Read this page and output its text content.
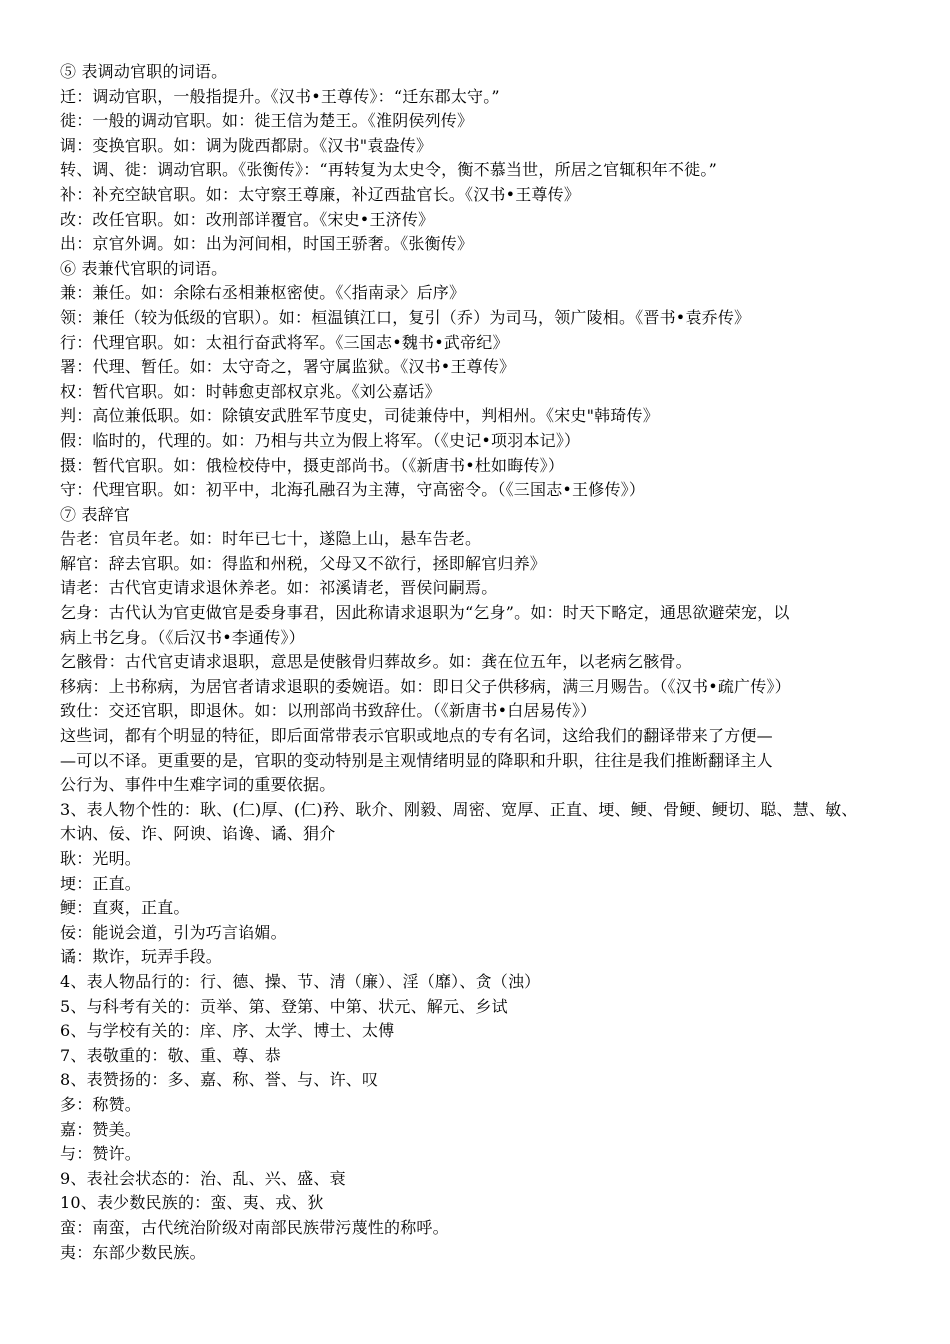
⑤ 表调动官职的词语。
迁：调动官职，一般指提升。《汉书•王尊传》：“迁东郡太守。”
徙：一般的调动官职。如：徙王信为楚王。《淮阴侯列传》
调：变换官职。如：调为陇西都尉。《汉书"袁盎传》
转、调、徙：调动官职。《张衡传》：“再转复为太史令，衡不慕当世，所居之官辄积年不徙。”
补：补充空缺官职。如：太守察王尊廉，补辽西盐官长。《汉书•王尊传》
改：改任官职。如：改刑部详覆官。《宋史•王济传》
出：京官外调。如：出为河间相，时国王骄奢。《张衡传》
⑥ 表兼代官职的词语。
兼：兼任。如：余除右丞相兼枢密使。《〈指南录〉后序》
领：兼任（较为低级的官职）。如：桓温镇江口，复引（乔）为司马，领广陵相。《晋书•袁乔传》
行：代理官职。如：太祖行奋武将军。《三国志•魏书•武帝纪》
署：代理、暂任。如：太守奇之，署守属监狱。《汉书•王尊传》
权：暂代官职。如：时韩愈吏部权京兆。《刘公嘉话》
判：高位兼低职。如：除镇安武胜军节度史，司徒兼侍中，判相州。《宋史"韩琦传》
假：临时的，代理的。如：乃相与共立为假上将军。（《史记•项羽本记》）
摄：暂代官职。如：俄检校侍中，摄吏部尚书。（《新唐书•杜如晦传》）
守：代理官职。如：初平中，北海孔融召为主薄，守高密令。（《三国志•王修传》）
⑦ 表辞官
告老：官员年老。如：时年已七十，遂隐上山，悬车告老。
解官：辞去官职。如：得监和州税，父母又不欲行，拯即解官归养》
请老：古代官吏请求退休养老。如：祁溪请老，晋侯问嗣焉。
乞身：古代认为官吏做官是委身事君，因此称请求退职为“乞身”。如：时天下略定，通思欲避荣宠，以
病上书乞身。（《后汉书•李通传》）
乞骸骨：古代官吏请求退职，意思是使骸骨归葬故乡。如：龚在位五年，以老病乞骸骨。
移病：上书称病，为居官者请求退职的委婉语。如：即日父子供移病，满三月赐告。（《汉书•疏广传》）
致仕：交还官职，即退休。如：以刑部尚书致辞仕。（《新唐书•白居易传》）
这些词，都有个明显的特征，即后面常带表示官职或地点的专有名词，这给我们的翻译带来了方便—
—可以不译。更重要的是，官职的变动特别是主观情绪明显的降职和升职，往往是我们推断翻译主人
公行为、事件中生难字词的重要依据。
3、表人物个性的：耿、(仁)厚、(仁)矜、耿介、刚毅、周密、宽厚、正直、埂、鲠、骨鲠、鲠切、聪、慧、敏、
木讷、佞、诈、阿谀、谄谗、谲、狷介
耿：光明。
埂：正直。
鲠：直爽，正直。
佞：能说会道，引为巧言谄媚。
谲：欺诈，玩弄手段。
4、表人物品行的：行、德、操、节、清（廉）、淫（靡）、贪（浊）
5、与科考有关的：贡举、第、登第、中第、状元、解元、乡试
6、与学校有关的：庠、序、太学、博士、太傅
7、表敬重的：敬、重、尊、恭
8、表赞扬的：多、嘉、称、誉、与、许、叹
多：称赞。
嘉：赞美。
与：赞许。
9、表社会状态的：治、乱、兴、盛、衰
10、表少数民族的：蛮、夷、戎、狄
蛮：南蛮，古代统治阶级对南部民族带污蔑性的称呼。
夷：东部少数民族。
